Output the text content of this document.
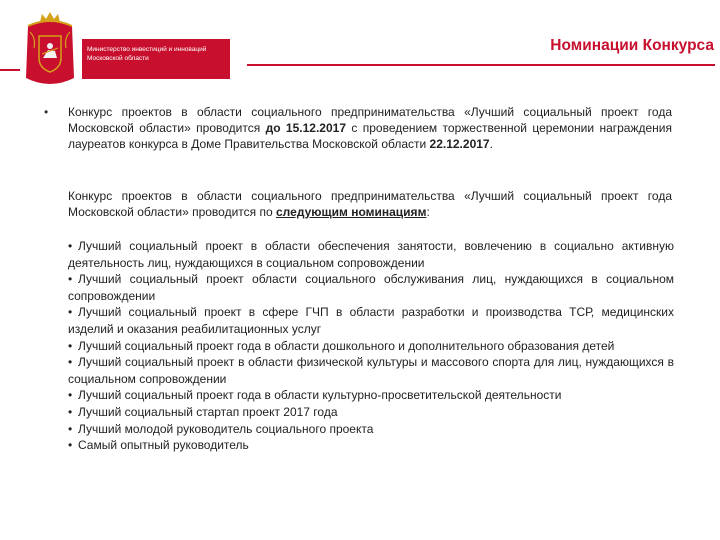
Министерство инвестиций и инноваций
Московской области
Номинации Конкурса
• Конкурс проектов в области социального предпринимательства «Лучший социальный проект года Московской области» проводится до 15.12.2017 с проведением торжественной церемонии награждения лауреатов конкурса в Доме Правительства Московской области 22.12.2017.
Конкурс проектов в области социального предпринимательства «Лучший социальный проект года Московской области» проводится по следующим номинациям:
• Лучший социальный проект в области обеспечения занятости, вовлечению в социально активную деятельность лиц, нуждающихся в социальном сопровождении
• Лучший социальный проект области социального обслуживания лиц, нуждающихся в социальном сопровождении
• Лучший социальный проект в сфере ГЧП в области разработки и производства ТСР, медицинских изделий и оказания реабилитационных услуг
• Лучший социальный проект года в области дошкольного и дополнительного образования детей
• Лучший социальный проект в области физической культуры и массового спорта для лиц, нуждающихся в социальном сопровождении
• Лучший социальный проект года в области культурно-просветительской деятельности
• Лучший социальный стартап проект 2017 года
• Лучший молодой руководитель социального проекта
• Самый опытный руководитель
